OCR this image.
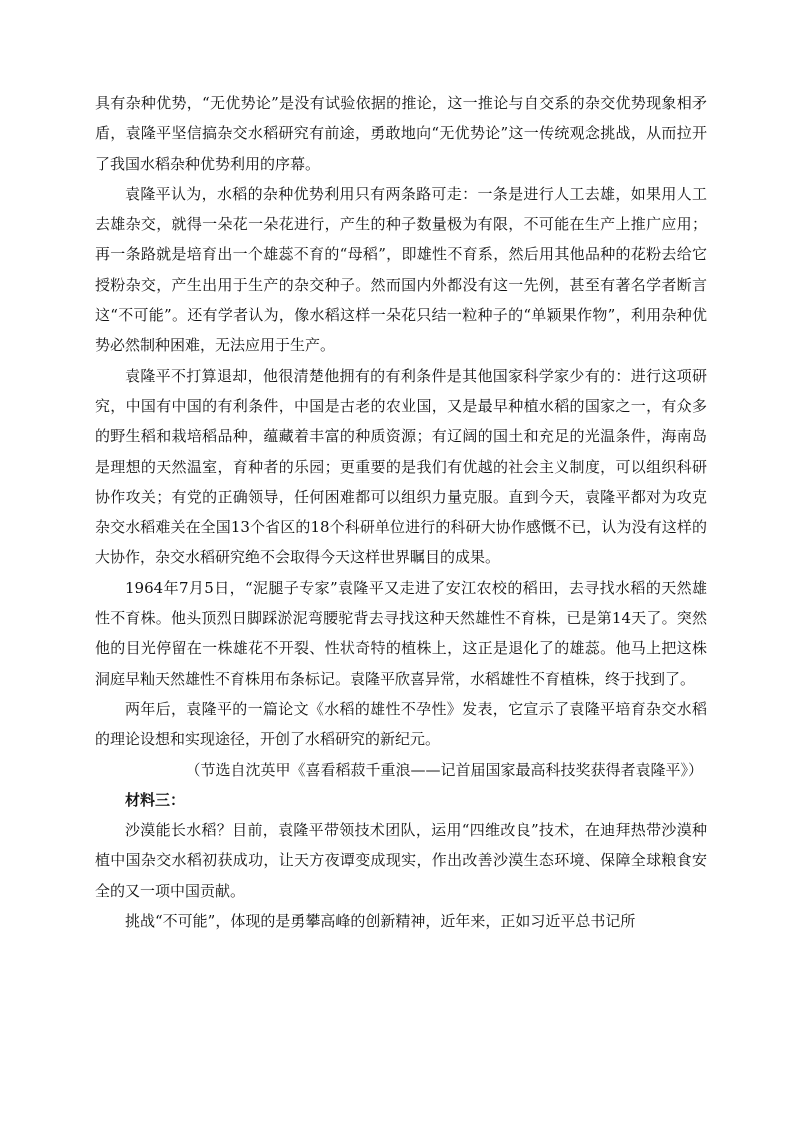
具有杂种优势，“无优势论”是没有试验依据的推论，这一推论与自交系的杂交优势现象相矛盾，袁隆平坚信搞杂交水稻研究有前途，勇敢地向“无优势论”这一传统观念挑战，从而拉开了我国水稻杂种优势利用的序幕。

袁隆平认为，水稻的杂种优势利用只有两条路可走：一条是进行人工去雄，如果用人工去雄杂交，就得一朵花一朵花进行，产生的种子数量极为有限，不可能在生产上推广应用；再一条路就是培育出一个雄蕊不育的“母稻”，即雄性不育系，然后用其他品种的花粉去给它授粉杂交，产生出用于生产的杂交种子。然而国内外都没有这一先例，甚至有著名学者断言这“不可能”。还有学者认为，像水稻这样一朵花只结一粒种子的“单颖果作物”，利用杂种优势必然制种困难，无法应用于生产。

袁隆平不打算退却，他很清楚他拥有的有利条件是其他国家科学家少有的：进行这项研究，中国有中国的有利条件，中国是古老的农业国，又是最早种植水稻的国家之一，有众多的野生稻和栽培稻品种，蕴藏着丰富的种质资源；有辽阔的国土和充足的光温条件，海南岛是理想的天然温室，育种者的乐园；更重要的是我们有优越的社会主义制度，可以组织科研协作攻关；有党的正确领导，任何困难都可以组织力量克服。直到今天，袁隆平都对为攻克杂交水稻难关在全国13个省区的18个科研单位进行的科研大协作感慨不已，认为没有这样的大协作，杂交水稻研究绝不会取得今天这样世界瞩目的成果。

1964年7月5日，“泥腿子专家”袁隆平又走进了安江农校的稻田，去寻找水稻的天然雄性不育株。他头顶烈日脚踩淤泥弯腰驼背去寻找这种天然雄性不育株，已是第14天了。突然他的目光停留在一株雄花不开裂、性状奇特的植株上，这正是退化了的雄蕊。他马上把这株洞庭早籼天然雄性不育株用布条标记。袁隆平欣喜异常，水稻雄性不育植株，终于找到了。

两年后，袁隆平的一篇论文《水稻的雄性不孕性》发表，它宣示了袁隆平培育杂交水稻的理论设想和实现途径，开创了水稻研究的新纪元。

（节选自沈英甲《喜看稻菽千重浪——记首届国家最高科技奖获得者袁隆平》）

材料三：

沙漠能长水稻？目前，袁隆平带领技术团队，运用“四维改良”技术，在迪拜热带沙漠种植中国杂交水稻初获成功，让天方夜谭变成现实，作出改善沙漠生态环境、保障全球粮食安全的又一项中国贡献。

挑战“不可能”，体现的是勇攀高峰的创新精神，近年来，正如习近平总书记所
